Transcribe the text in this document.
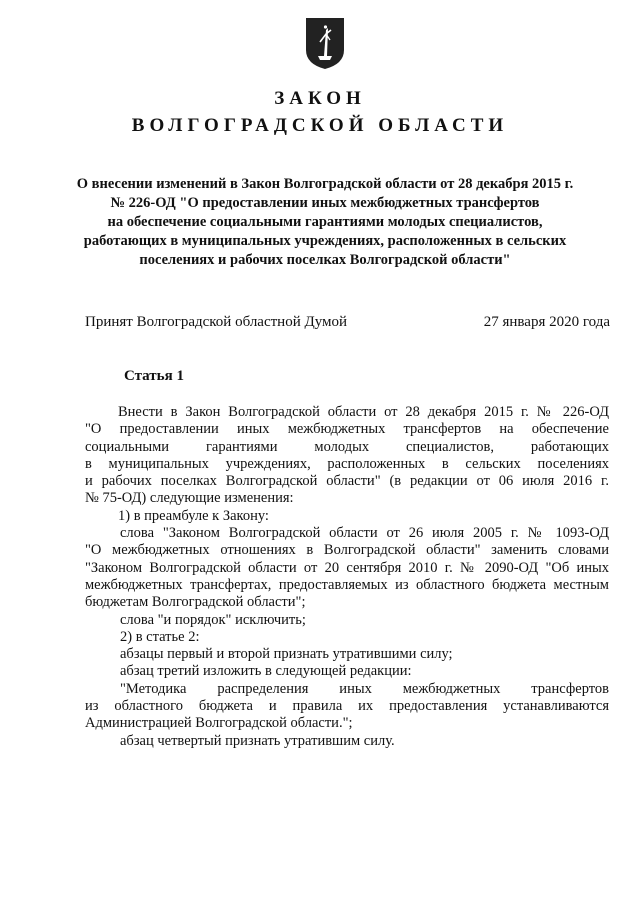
ЗАКОН
ВОЛГОГРАДСКОЙ ОБЛАСТИ
О внесении изменений в Закон Волгоградской области от 28 декабря 2015 г.
№ 226-ОД "О предоставлении иных межбюджетных трансфертов
на обеспечение социальными гарантиями молодых специалистов,
работающих в муниципальных учреждениях, расположенных в сельских
поселениях и рабочих поселках Волгоградской области"
Принят Волгоградской областной Думой	27 января 2020 года
Статья 1

Внести в Закон Волгоградской области от 28 декабря 2015 г. № 226-ОД

"О предоставлении иных межбюджетных трансфертов на обеспечение

социальными гарантиями молодых специалистов, работающих

в муниципальных учреждениях, расположенных в сельских поселениях

и рабочих поселках Волгоградской области" (в редакции от 06 июля 2016 г.

№ 75-ОД) следующие изменения:

1) в преамбуле к Закону:

слова "Законом Волгоградской области от 26 июля 2005 г. № 1093-ОД

"О межбюджетных отношениях в Волгоградской области" заменить словами

"Законом Волгоградской области от 20 сентября 2010 г. № 2090-ОД "Об иных

межбюджетных трансфертах, предоставляемых из областного бюджета местным

бюджетам Волгоградской области";

слова "и порядок" исключить;

2) в статье 2:

абзацы первый и второй признать утратившими силу;

абзац третий изложить в следующей редакции:

"Методика распределения иных межбюджетных трансфертов

из областного бюджета и правила их предоставления устанавливаются

Администрацией Волгоградской области.";

абзац четвертый признать утратившим силу.
